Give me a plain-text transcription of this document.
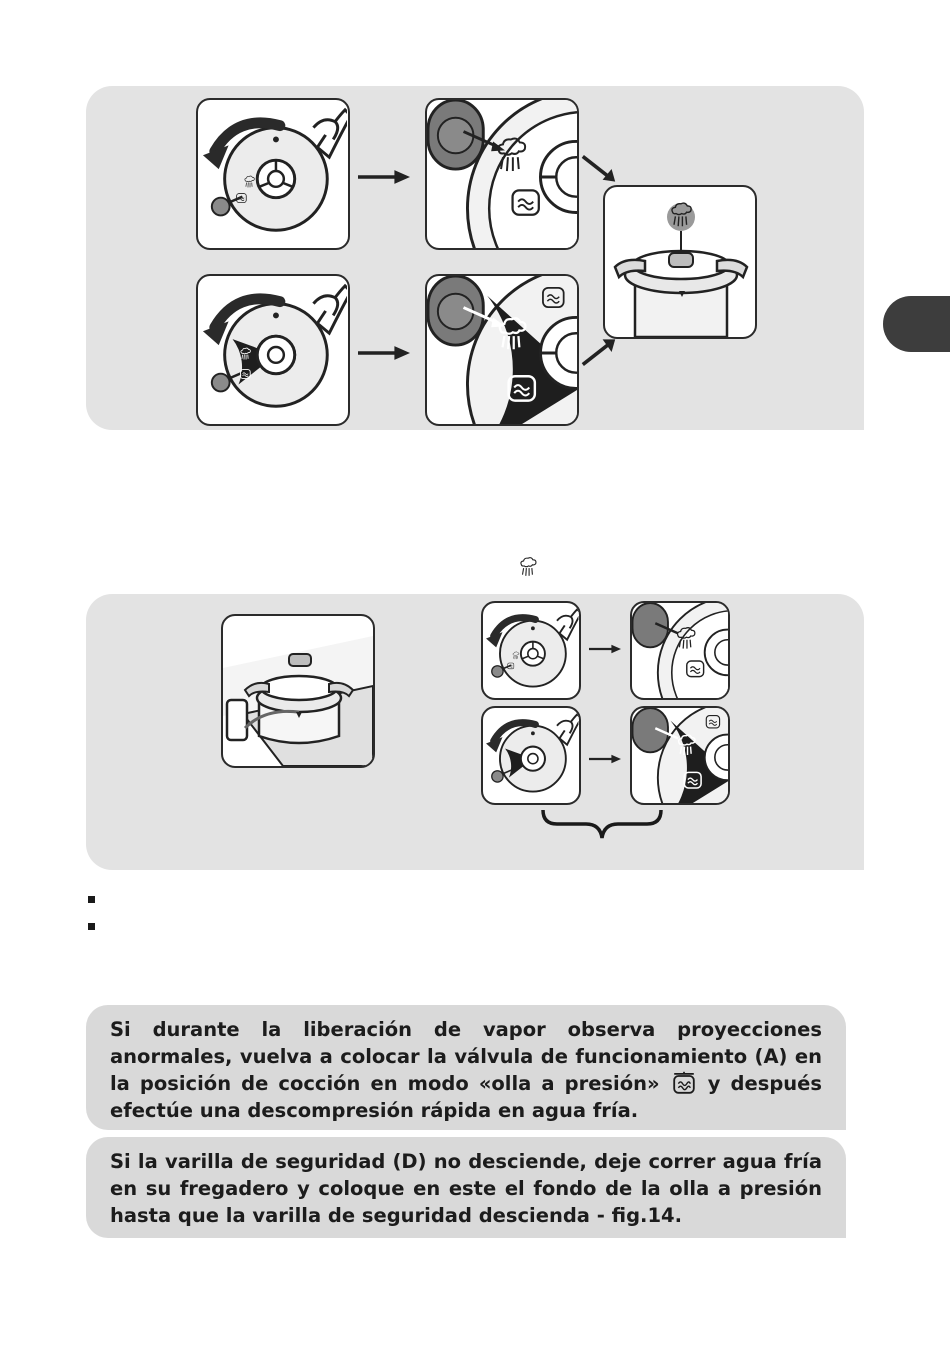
Si durante la liberación de vapor observa proyecciones anormales, vuelva a colocar la válvula de funcionamiento (A) en la posición de cocción en modo «olla a presión» y después efectúe una descompresión rápida en agua fría.

Si la varilla de seguridad (D) no desciende, deje correr agua fría en su fregadero y coloque en este el fondo de la olla a presión hasta que la varilla de seguridad descienda - fig.14.
